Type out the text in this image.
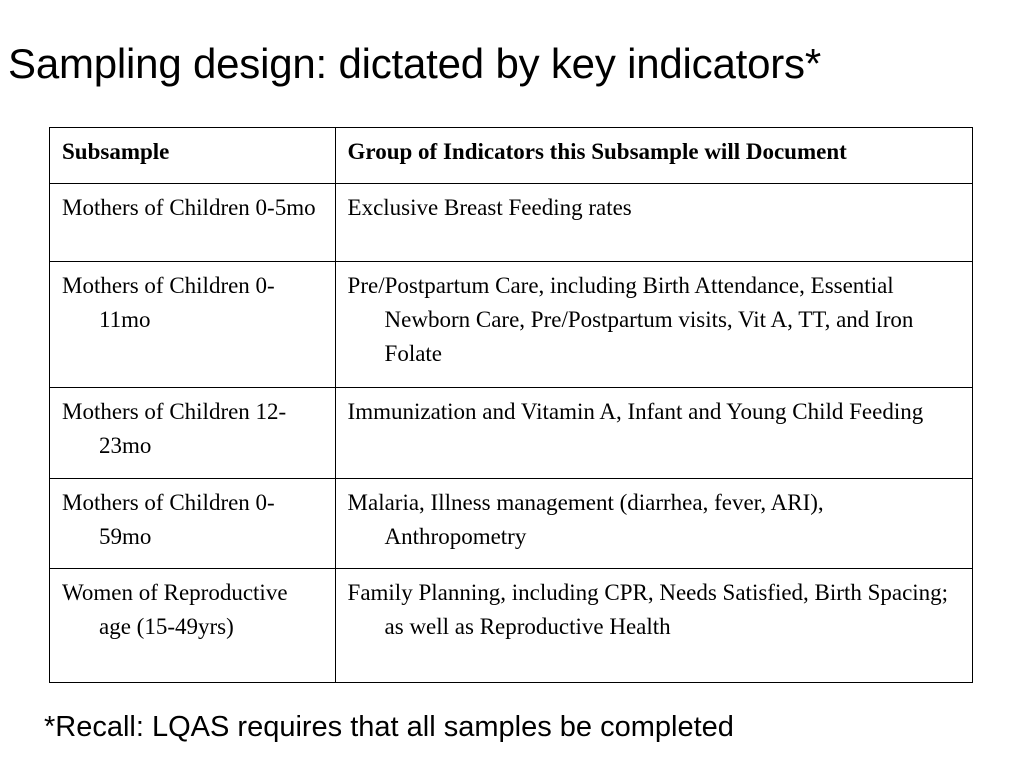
Sampling design: dictated by key indicators*
Subsample	Group of Indicators this Subsample will Document

Mothers of Children 0-5mo	Exclusive Breast Feeding rates

Mothers of Children 0-11mo	Pre/Postpartum Care, including Birth Attendance, Essential Newborn Care, Pre/Postpartum visits, Vit A, TT, and Iron Folate

Mothers of Children 12-23mo	Immunization and Vitamin A, Infant and Young Child Feeding

Mothers of Children 0-59mo	Malaria, Illness management (diarrhea, fever, ARI), Anthropometry

Women of Reproductive age (15-49yrs)	Family Planning, including CPR, Needs Satisfied, Birth Spacing; as well as Reproductive Health
*Recall: LQAS requires that all samples be completed
